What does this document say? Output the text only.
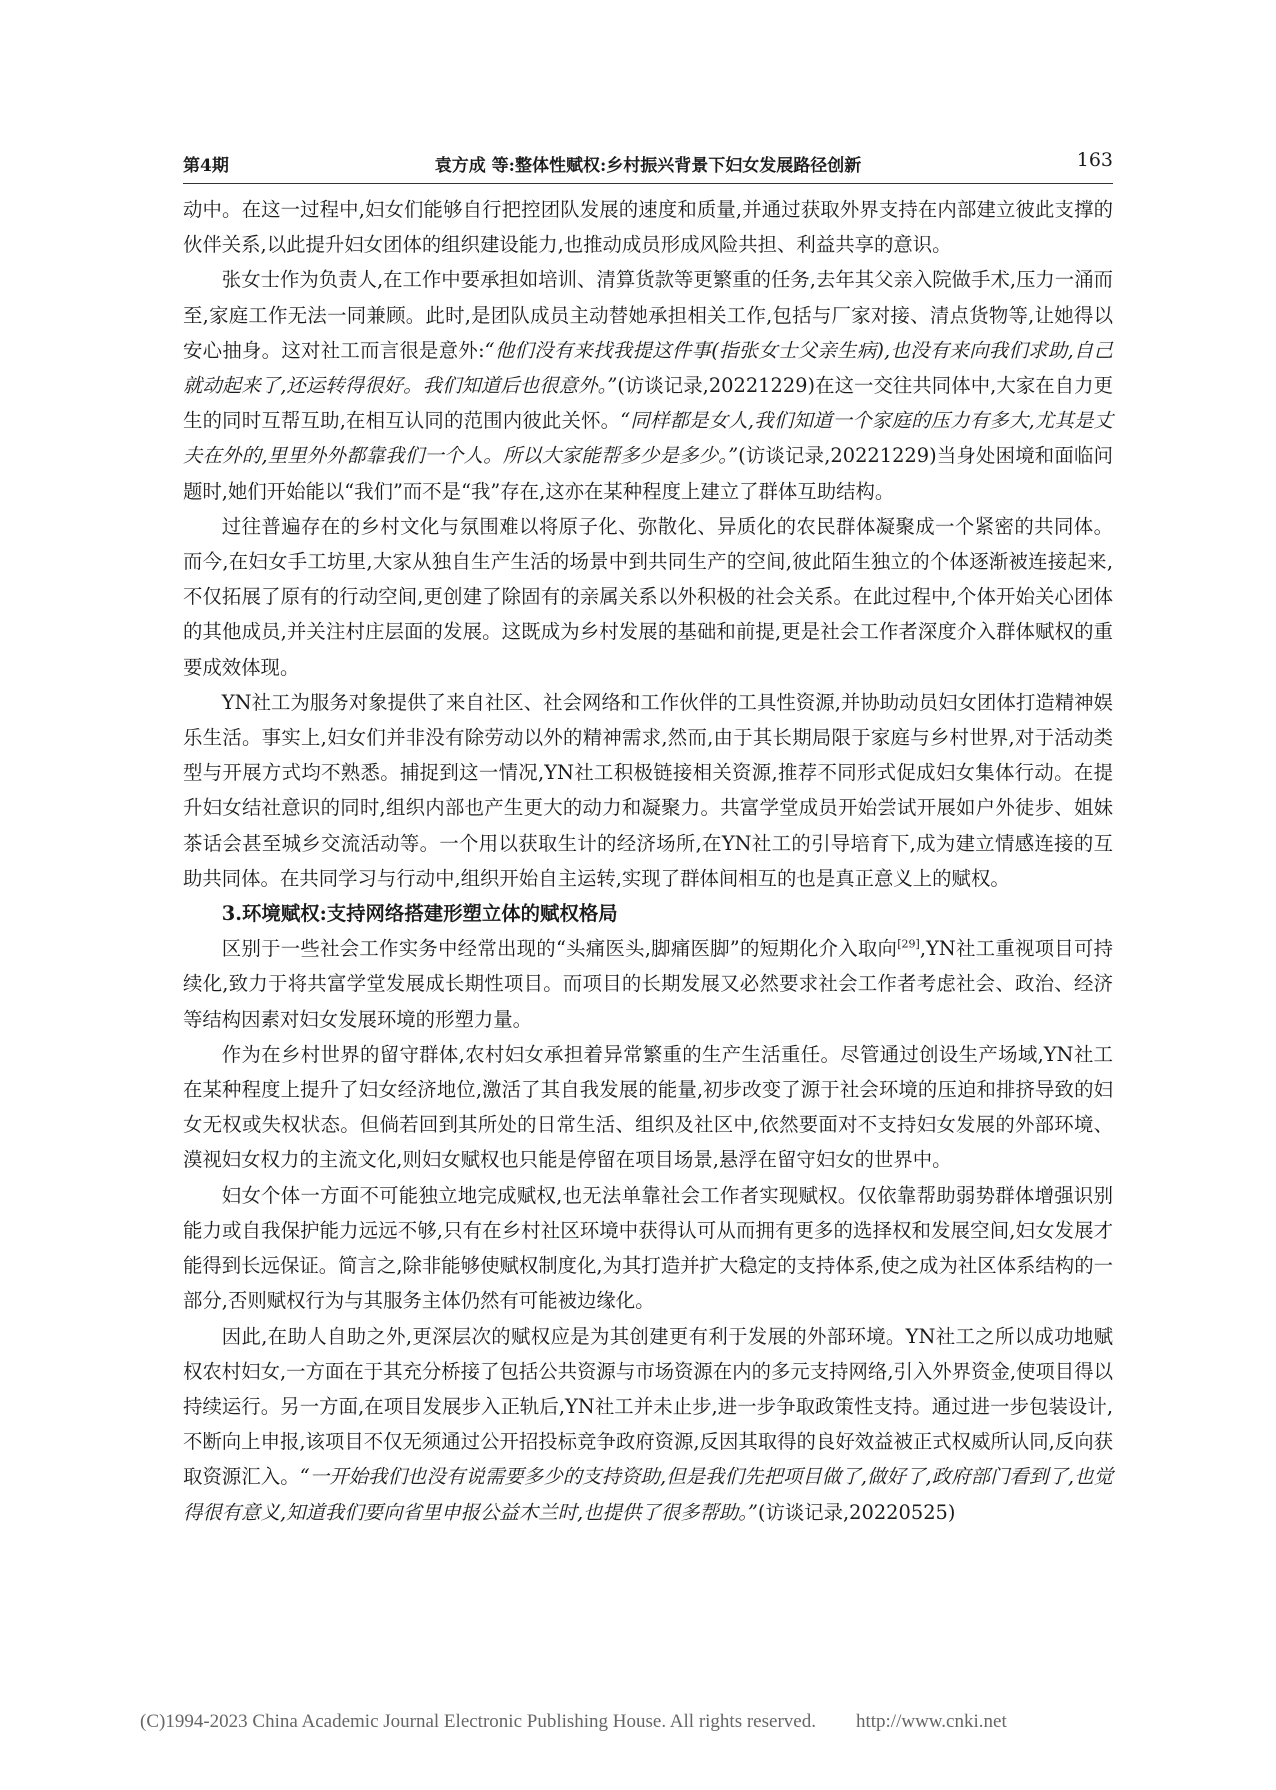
第4期	袁方成 等:整体性赋权:乡村振兴背景下妇女发展路径创新	163

动中。在这一过程中,妇女们能够自行把控团队发展的速度和质量,并通过获取外界支持在内部建立彼此支撑的伙伴关系,以此提升妇女团体的组织建设能力,也推动成员形成风险共担、利益共享的意识。

张女士作为负责人,在工作中要承担如培训、清算货款等更繁重的任务,去年其父亲入院做手术,压力一涌而至,家庭工作无法一同兼顾。此时,是团队成员主动替她承担相关工作,包括与厂家对接、清点货物等,让她得以安心抽身。这对社工而言很是意外:“他们没有来找我提这件事(指张女士父亲生病),也没有来向我们求助,自己就动起来了,还运转得很好。我们知道后也很意外。”(访谈记录,20221229)在这一交往共同体中,大家在自力更生的同时互帮互助,在相互认同的范围内彼此关怀。“同样都是女人,我们知道一个家庭的压力有多大,尤其是丈夫在外的,里里外外都靠我们一个人。所以大家能帮多少是多少。”(访谈记录,20221229)当身处困境和面临问题时,她们开始能以“我们”而不是“我”存在,这亦在某种程度上建立了群体互助结构。

过往普遍存在的乡村文化与氛围难以将原子化、弥散化、异质化的农民群体凝聚成一个紧密的共同体。而今,在妇女手工坊里,大家从独自生产生活的场景中到共同生产的空间,彼此陌生独立的个体逐渐被连接起来,不仅拓展了原有的行动空间,更创建了除固有的亲属关系以外积极的社会关系。在此过程中,个体开始关心团体的其他成员,并关注村庄层面的发展。这既成为乡村发展的基础和前提,更是社会工作者深度介入群体赋权的重要成效体现。

YN社工为服务对象提供了来自社区、社会网络和工作伙伴的工具性资源,并协助动员妇女团体打造精神娱乐生活。事实上,妇女们并非没有除劳动以外的精神需求,然而,由于其长期局限于家庭与乡村世界,对于活动类型与开展方式均不熟悉。捕捉到这一情况,YN社工积极链接相关资源,推荐不同形式促成妇女集体行动。在提升妇女结社意识的同时,组织内部也产生更大的动力和凝聚力。共富学堂成员开始尝试开展如户外徒步、姐妹茶话会甚至城乡交流活动等。一个用以获取生计的经济场所,在YN社工的引导培育下,成为建立情感连接的互助共同体。在共同学习与行动中,组织开始自主运转,实现了群体间相互的也是真正意义上的赋权。

3.环境赋权:支持网络搭建形塑立体的赋权格局

区别于一些社会工作实务中经常出现的“头痛医头,脚痛医脚”的短期化介入取向[29],YN社工重视项目可持续化,致力于将共富学堂发展成长期性项目。而项目的长期发展又必然要求社会工作者考虑社会、政治、经济等结构因素对妇女发展环境的形塑力量。

作为在乡村世界的留守群体,农村妇女承担着异常繁重的生产生活重任。尽管通过创设生产场域,YN社工在某种程度上提升了妇女经济地位,激活了其自我发展的能量,初步改变了源于社会环境的压迫和排挤导致的妇女无权或失权状态。但倘若回到其所处的日常生活、组织及社区中,依然要面对不支持妇女发展的外部环境、漠视妇女权力的主流文化,则妇女赋权也只能是停留在项目场景,悬浮在留守妇女的世界中。

妇女个体一方面不可能独立地完成赋权,也无法单靠社会工作者实现赋权。仅依靠帮助弱势群体增强识别能力或自我保护能力远远不够,只有在乡村社区环境中获得认可从而拥有更多的选择权和发展空间,妇女发展才能得到长远保证。简言之,除非能够使赋权制度化,为其打造并扩大稳定的支持体系,使之成为社区体系结构的一部分,否则赋权行为与其服务主体仍然有可能被边缘化。

因此,在助人自助之外,更深层次的赋权应是为其创建更有利于发展的外部环境。YN社工之所以成功地赋权农村妇女,一方面在于其充分桥接了包括公共资源与市场资源在内的多元支持网络,引入外界资金,使项目得以持续运行。另一方面,在项目发展步入正轨后,YN社工并未止步,进一步争取政策性支持。通过进一步包装设计,不断向上申报,该项目不仅无须通过公开招投标竞争政府资源,反因其取得的良好效益被正式权威所认同,反向获取资源汇入。“一开始我们也没有说需要多少的支持资助,但是我们先把项目做了,做好了,政府部门看到了,也觉得很有意义,知道我们要向省里申报公益木兰时,也提供了很多帮助。”(访谈记录,20220525)

(C)1994-2023 China Academic Journal Electronic Publishing House. All rights reserved. http://www.cnki.net
